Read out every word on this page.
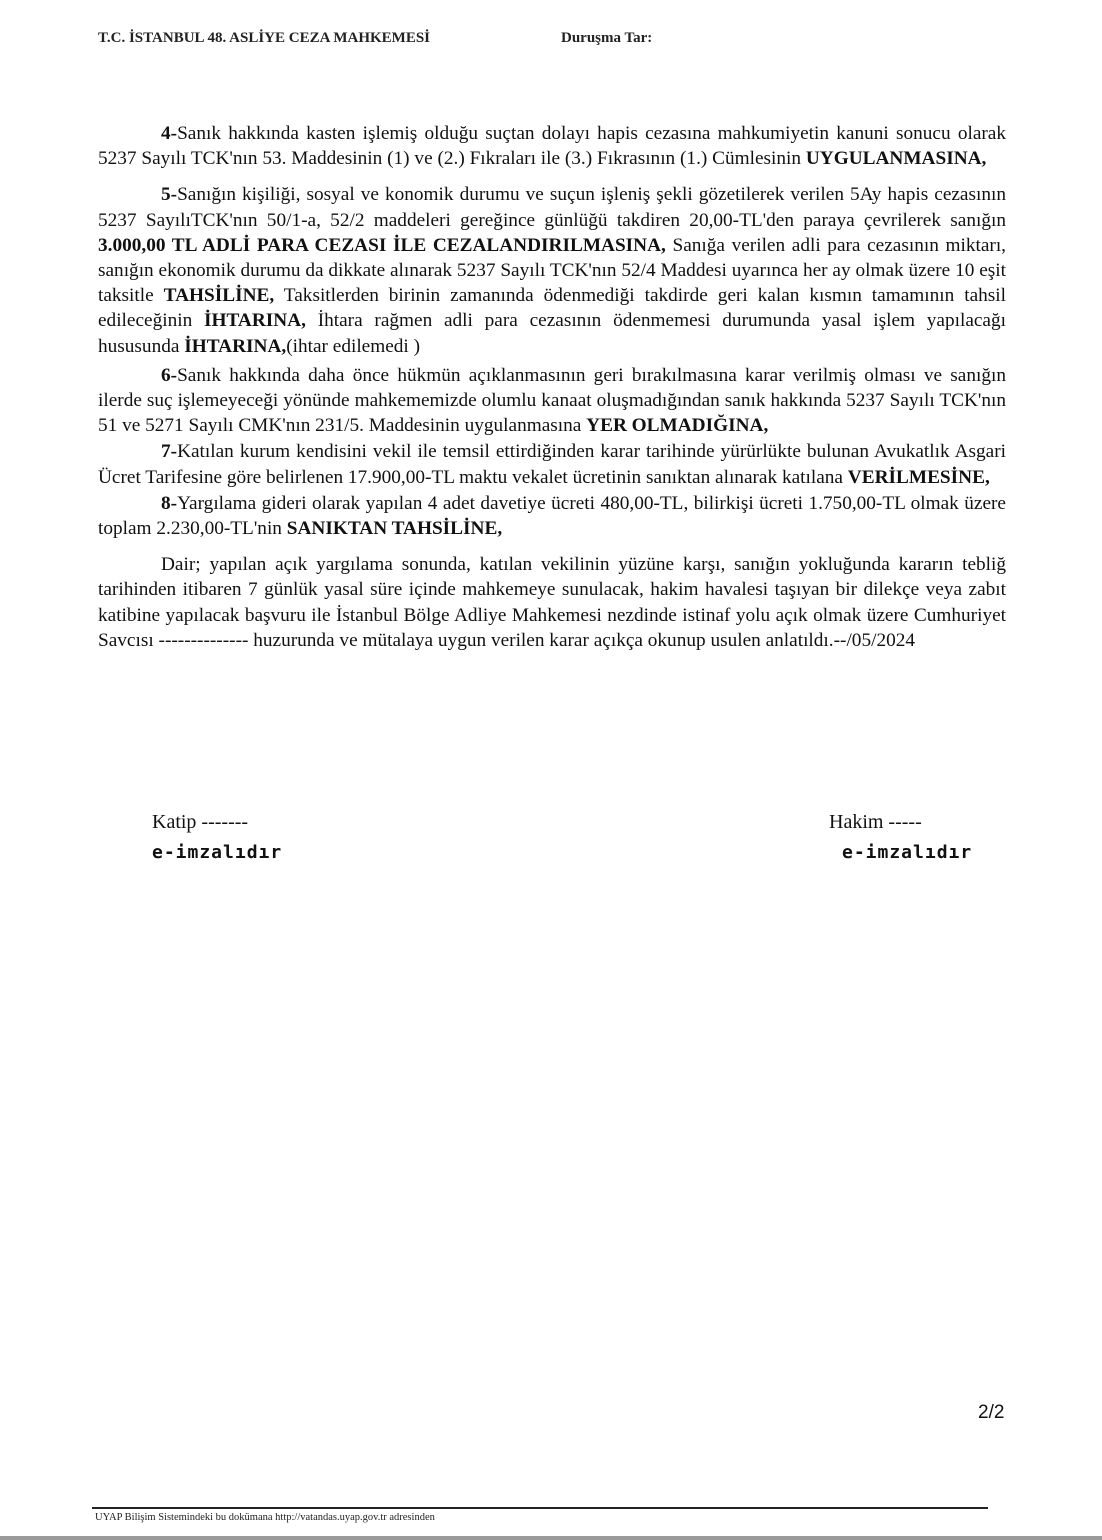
T.C. İSTANBUL 48. ASLİYE CEZA MAHKEMESİ	Duruşma Tar:

4-Sanık hakkında kasten işlemiş olduğu suçtan dolayı hapis cezasına mahkumiyetin kanuni sonucu olarak 5237 Sayılı TCK'nın 53. Maddesinin (1) ve (2.) Fıkraları ile (3.) Fıkrasının (1.) Cümlesinin UYGULANMASINA,

5-Sanığın kişiliği, sosyal ve konomik durumu ve suçun işleniş şekli gözetilerek verilen 5Ay hapis cezasının 5237 SayılıTCK'nın 50/1-a, 52/2 maddeleri gereğince günlüğü takdiren 20,00-TL'den paraya çevrilerek sanığın 3.000,00 TL ADLİ PARA CEZASI İLE CEZALANDIRILMASINA, Sanığa verilen adli para cezasının miktarı, sanığın ekonomik durumu da dikkate alınarak 5237 Sayılı TCK'nın 52/4 Maddesi uyarınca her ay olmak üzere 10 eşit taksitle TAHSİLİNE, Taksitlerden birinin zamanında ödenmediği takdirde geri kalan kısmın tamamının tahsil edileceğinin İHTARINA, İhtara rağmen adli para cezasının ödenmemesi durumunda yasal işlem yapılacağı hususunda İHTARINA,(ihtar edilemedi )

6-Sanık hakkında daha önce hükmün açıklanmasının geri bırakılmasına karar verilmiş olması ve sanığın ilerde suç işlemeyeceği yönünde mahkememizde olumlu kanaat oluşmadığından sanık hakkında 5237 Sayılı TCK'nın 51 ve 5271 Sayılı CMK'nın 231/5. Maddesinin uygulanmasına YER OLMADIĞINA,

7-Katılan kurum kendisini vekil ile temsil ettirdiğinden karar tarihinde yürürlükte bulunan Avukatlık Asgari Ücret Tarifesine göre belirlenen 17.900,00-TL maktu vekalet ücretinin sanıktan alınarak katılana VERİLMESİNE,

8-Yargılama gideri olarak yapılan 4 adet davetiye ücreti 480,00-TL, bilirkişi ücreti 1.750,00-TL olmak üzere toplam 2.230,00-TL'nin SANIKTAN TAHSİLİNE,

Dair; yapılan açık yargılama sonunda, katılan vekilinin yüzüne karşı, sanığın yokluğunda kararın tebliğ tarihinden itibaren 7 günlük yasal süre içinde mahkemeye sunulacak, hakim havalesi taşıyan bir dilekçe veya zabıt katibine yapılacak başvuru ile İstanbul Bölge Adliye Mahkemesi nezdinde istinaf yolu açık olmak üzere Cumhuriyet Savcısı -------------- huzurunda ve mütalaya uygun verilen karar açıkça okunup usulen anlatıldı.--/05/2024

Katip -------
e-imzalıdır
Hakim -----
e-imzalıdır
2/2
UYAP Bilişim Sistemindeki bu dokümana http://vatandas.uyap.gov.tr adresinden
